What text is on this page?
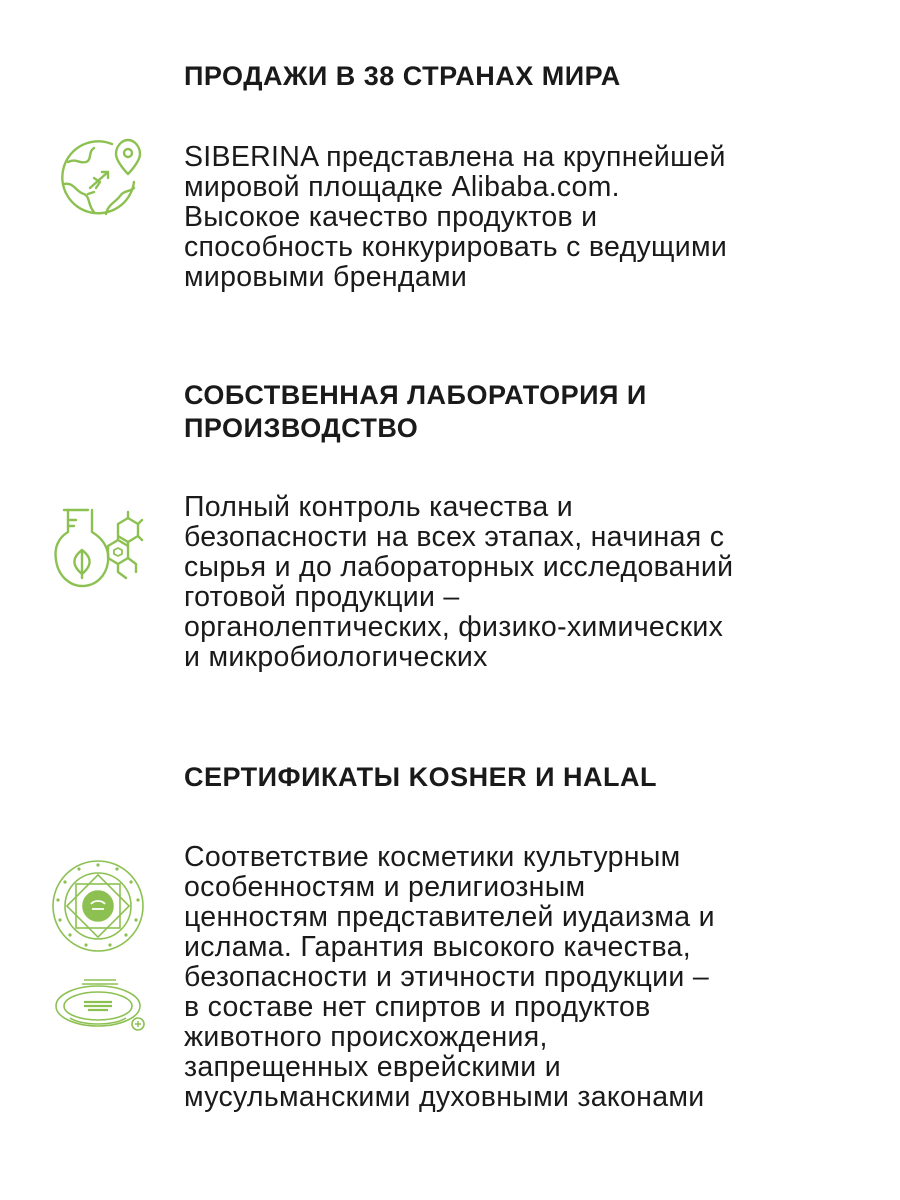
ПРОДАЖИ В 38 СТРАНАХ МИРА

SIBERINA представлена на крупнейшей
мировой площадке Alibaba.com.
Высокое качество продуктов и
способность конкурировать с ведущими
мировыми брендами

СОБСТВЕННАЯ ЛАБОРАТОРИЯ И
ПРОИЗВОДСТВО

Полный контроль качества и
безопасности на всех этапах, начиная с
сырья и до лабораторных исследований
готовой продукции –
органолептических, физико-химических
и микробиологических

СЕРТИФИКАТЫ KOSHER И HALAL

Соответствие косметики культурным
особенностям и религиозным
ценностям представителей иудаизма и
ислама. Гарантия высокого качества,
безопасности и этичности продукции –
в составе нет спиртов и продуктов
животного происхождения,
запрещенных еврейскими и
мусульманскими духовными законами
